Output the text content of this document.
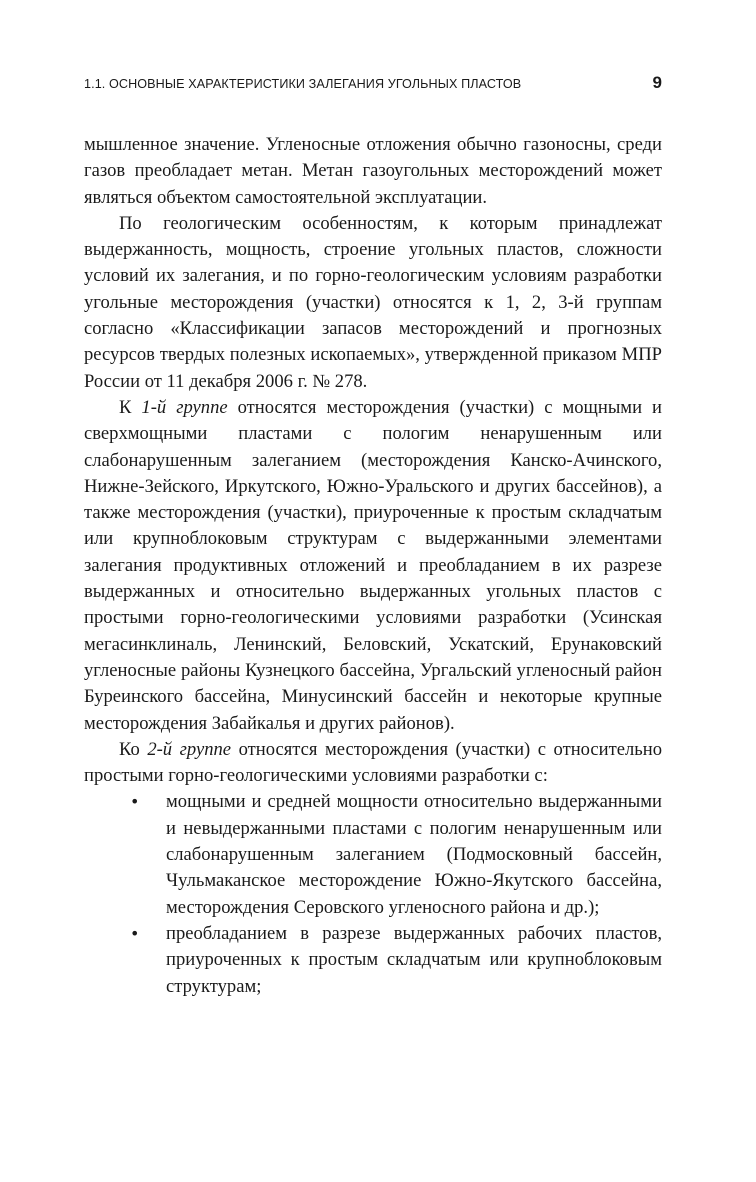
1.1. ОСНОВНЫЕ ХАРАКТЕРИСТИКИ ЗАЛЕГАНИЯ УГОЛЬНЫХ ПЛАСТОВ	9

мышленное значение. Угленосные отложения обычно газоносны, среди газов преобладает метан. Метан газоугольных месторождений может являться объектом самостоятельной эксплуатации.

По геологическим особенностям, к которым принадлежат выдержанность, мощность, строение угольных пластов, сложности условий их залегания, и по горно-геологическим условиям разработки угольные месторождения (участки) относятся к 1, 2, 3-й группам согласно «Классификации запасов месторождений и прогнозных ресурсов твердых полезных ископаемых», утвержденной приказом МПР России от 11 декабря 2006 г. № 278.

К 1-й группе относятся месторождения (участки) с мощными и сверхмощными пластами с пологим ненарушенным или слабонарушенным залеганием (месторождения Канско-Ачинского, Нижне-Зейского, Иркутского, Южно-Уральского и других бассейнов), а также месторождения (участки), приуроченные к простым складчатым или крупноблоковым структурам с выдержанными элементами залегания продуктивных отложений и преобладанием в их разрезе выдержанных и относительно выдержанных угольных пластов с простыми горно-геологическими условиями разработки (Усинская мегасинклиналь, Ленинский, Беловский, Ускатский, Ерунаковский угленосные районы Кузнецкого бассейна, Ургальский угленосный район Буреинского бассейна, Минусинский бассейн и некоторые крупные месторождения Забайкалья и других районов).

Ко 2-й группе относятся месторождения (участки) с относительно простыми горно-геологическими условиями разработки с:

• мощными и средней мощности относительно выдержанными и невыдержанными пластами с пологим ненарушенным или слабонарушенным залеганием (Подмосковный бассейн, Чульмаканское месторождение Южно-Якутского бассейна, месторождения Серовского угленосного района и др.);
• преобладанием в разрезе выдержанных рабочих пластов, приуроченных к простым складчатым или крупноблоковым структурам;
